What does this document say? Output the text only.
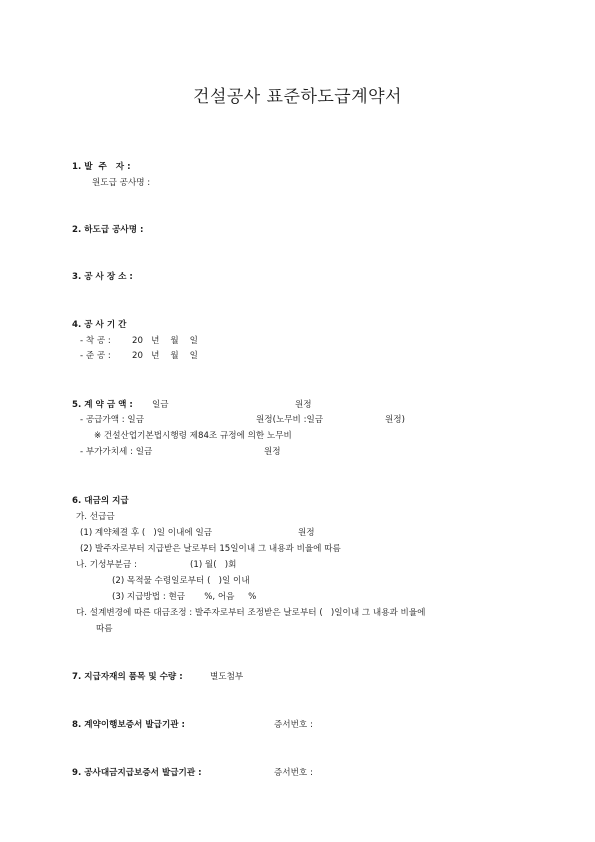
건설공사 표준하도급계약서
1. 발  주   자 :
원도급 공사명 :
2. 하도급 공사명 :
3. 공 사 장 소 :
4. 공 사 기 간
- 착 공 : 20   년    월    일
- 준 공 : 20   년    월    일
5. 계 약 금 액 : 일금	원정
- 공급가액 : 일금	원정(노무비 :일금	원정)
※ 건설산업기본법시행령 제84조 규정에 의한 노무비
- 부가가치세 : 일금	원정
6. 대금의 지급
가. 선급금
(1) 계약체결 후 (   )일 이내에 일금	원정
(2) 발주자로부터 지급받은 날로부터 15일이내 그 내용과 비율에 따름
나. 기성부분금 :	(1) 월(   )회
(2) 목적물 수령일로부터 (   )일 이내
(3) 지급방법 : 현금       %, 어음     %
다. 설계변경에 따른 대금조정 : 발주자로부터 조정받은 날로부터 (   )일이내 그 내용과 비율에
따름
7. 지급자재의 품목 및 수량 :	별도첨부
8. 계약이행보증서 발급기관 :	증서번호 :
9. 공사대금지급보증서 발급기관 :	증서번호 :
